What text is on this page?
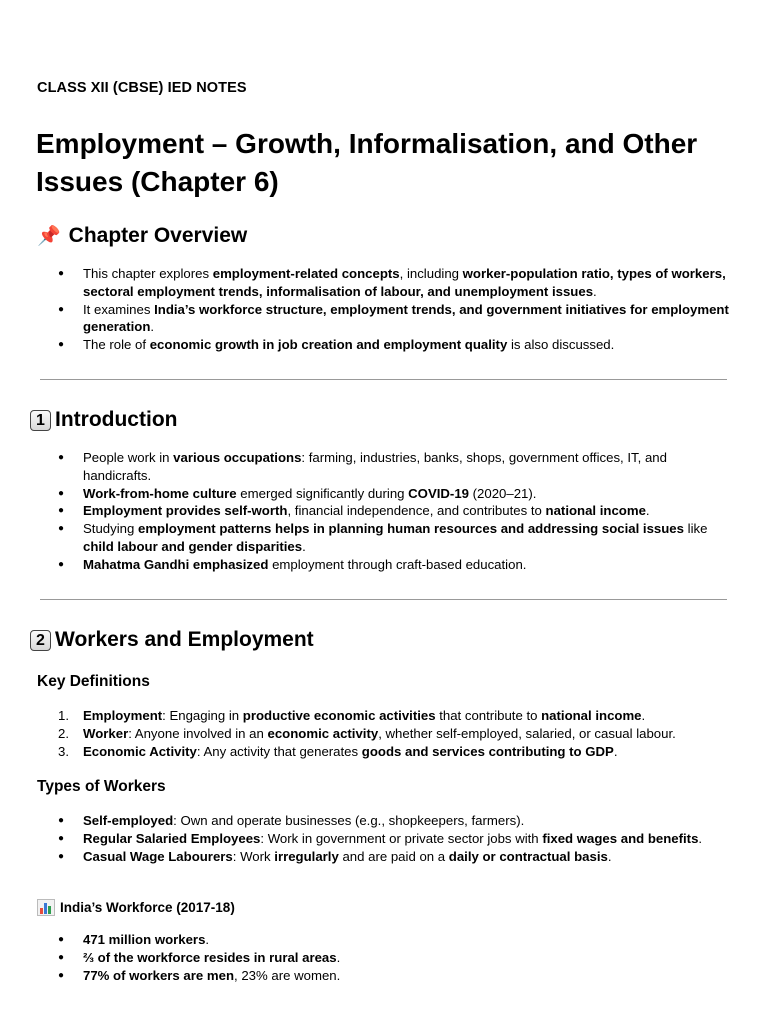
CLASS XII (CBSE) IED NOTES
Employment – Growth, Informalisation, and Other Issues (Chapter 6)
📌 Chapter Overview
● This chapter explores employment-related concepts, including worker-population ratio, types of workers, sectoral employment trends, informalisation of labour, and unemployment issues.
● It examines India’s workforce structure, employment trends, and government initiatives for employment generation.
● The role of economic growth in job creation and employment quality is also discussed.
1 Introduction
● People work in various occupations: farming, industries, banks, shops, government offices, IT, and handicrafts.
● Work-from-home culture emerged significantly during COVID-19 (2020–21).
● Employment provides self-worth, financial independence, and contributes to national income.
● Studying employment patterns helps in planning human resources and addressing social issues like child labour and gender disparities.
● Mahatma Gandhi emphasized employment through craft-based education.
2 Workers and Employment
Key Definitions
1. Employment: Engaging in productive economic activities that contribute to national income.
2. Worker: Anyone involved in an economic activity, whether self-employed, salaried, or casual labour.
3. Economic Activity: Any activity that generates goods and services contributing to GDP.
Types of Workers
● Self-employed: Own and operate businesses (e.g., shopkeepers, farmers).
● Regular Salaried Employees: Work in government or private sector jobs with fixed wages and benefits.
● Casual Wage Labourers: Work irregularly and are paid on a daily or contractual basis.
India’s Workforce (2017-18)
● 471 million workers.
● ⅔ of the workforce resides in rural areas.
● 77% of workers are men, 23% are women.
